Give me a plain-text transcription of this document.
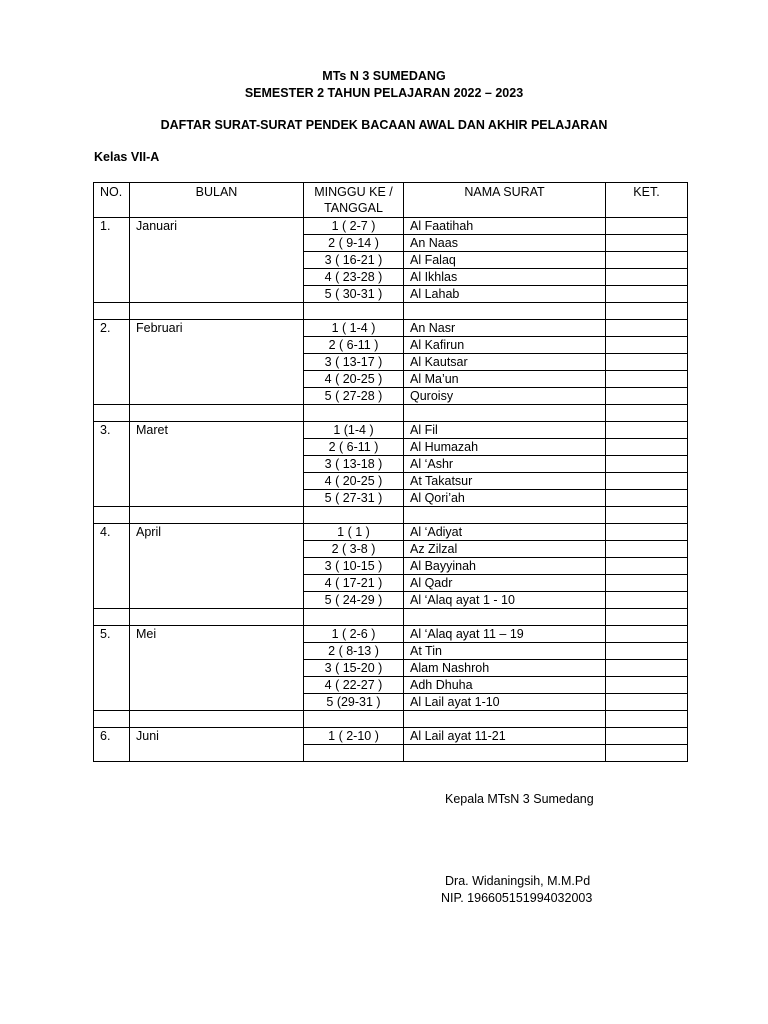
MTs N 3 SUMEDANG
SEMESTER 2 TAHUN PELAJARAN 2022 – 2023
DAFTAR SURAT-SURAT PENDEK BACAAN AWAL DAN AKHIR PELAJARAN
Kelas VII-A
NO.	BULAN	MINGGU KE / TANGGAL	NAMA SURAT	KET.
1.	Januari	1 ( 2-7 )	Al Faatihah	
		2 ( 9-14 )	An Naas	
		3 ( 16-21 )	Al Falaq	
		4 ( 23-28 )	Al Ikhlas	
		5 ( 30-31 )	Al Lahab	

2.	Februari	1 ( 1-4 )	An Nasr	
		2 ( 6-11 )	Al Kafirun	
		3 ( 13-17 )	Al Kautsar	
		4 ( 20-25 )	Al Ma’un	
		5 ( 27-28 )	Quroisy	

3.	Maret	1 (1-4 )	Al Fil	
		2 ( 6-11 )	Al Humazah	
		3 ( 13-18 )	Al ‘Ashr	
		4 ( 20-25 )	At Takatsur	
		5 ( 27-31 )	Al Qori’ah	

4.	April	1 ( 1 )	Al ‘Adiyat	
		2 ( 3-8 )	Az Zilzal	
		3 ( 10-15 )	Al Bayyinah	
		4 ( 17-21 )	Al Qadr	
		5 ( 24-29 )	Al ‘Alaq ayat 1 - 10	

5.	Mei	1 ( 2-6 )	Al ‘Alaq ayat 11 – 19	
		2 ( 8-13 )	At Tin	
		3 ( 15-20 )	Alam Nashroh	
		4 ( 22-27 )	Adh Dhuha	
		5 (29-31 )	Al Lail ayat 1-10	

6.	Juni	1 ( 2-10 )	Al Lail ayat 11-21	

Kepala MTsN 3 Sumedang
Dra. Widaningsih, M.M.Pd
NIP. 196605151994032003
